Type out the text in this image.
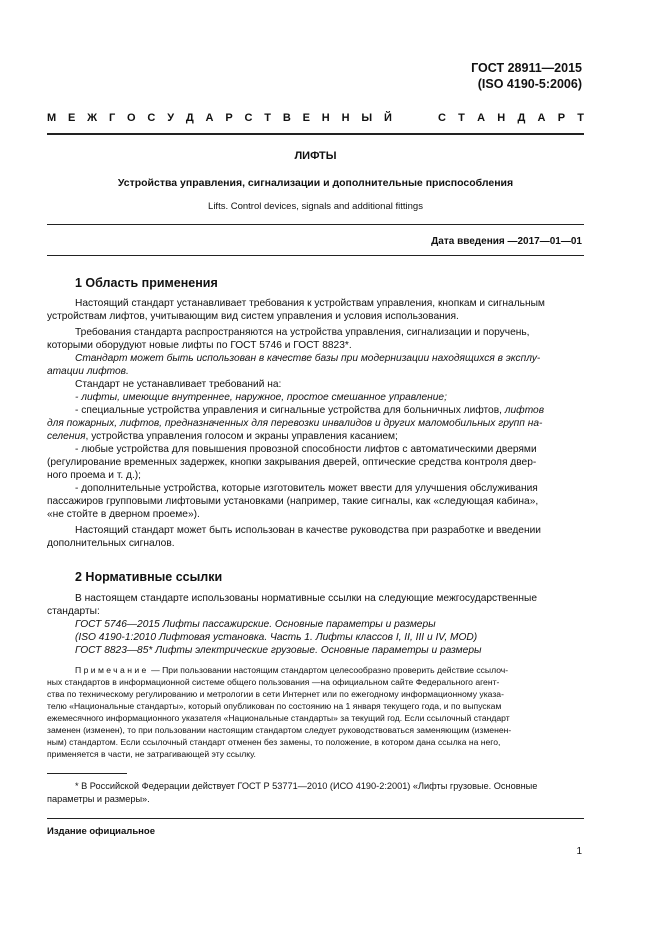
ГОСТ 28911—2015
(ISO 4190-5:2006)
М Е Ж Г О С У Д А Р С Т В Е Н Н Ы Й	С Т А Н Д А Р Т
ЛИФТЫ
Устройства управления, сигнализации и дополнительные приспособления
Lifts. Control devices, signals and additional fittings
Дата введения —2017—01—01
1 Область применения
Настоящий стандарт устанавливает требования к устройствам управления, кнопкам и сигнальным
устройствам лифтов, учитывающим вид систем управления и условия использования.
Требования стандарта распространяются на устройства управления, сигнализации и поручень,
которыми оборудуют новые лифты по ГОСТ 5746 и ГОСТ 8823*.
Стандарт может быть использован в качестве базы при модернизации находящихся в эксплу-
атации лифтов.
Стандарт не устанавливает требований на:
- лифты, имеющие внутреннее, наружное, простое смешанное управление;
- специальные устройства управления и сигнальные устройства для больничных лифтов, лифтов
для пожарных, лифтов, предназначенных для перевозки инвалидов и других маломобильных групп на-
селения, устройства управления голосом и экраны управления касанием;
- любые устройства для повышения провозной способности лифтов с автоматическими дверями
(регулирование временных задержек, кнопки закрывания дверей, оптические средства контроля двер-
ного проема и т. д.);
- дополнительные устройства, которые изготовитель может ввести для улучшения обслуживания
пассажиров групповыми лифтовыми установками (например, такие сигналы, как «следующая кабина»,
«не стойте в дверном проеме»).
Настоящий стандарт может быть использован в качестве руководства при разработке и введении
дополнительных сигналов.
2 Нормативные ссылки
В настоящем стандарте использованы нормативные ссылки на следующие межгосударственные
стандарты:
ГОСТ 5746—2015 Лифты пассажирские. Основные параметры и размеры
(ISO 4190-1:2010 Лифтовая установка. Часть 1. Лифты классов I, II, III и IV, MOD)
ГОСТ 8823—85* Лифты электрические грузовые. Основные параметры и размеры
Примечание — При пользовании настоящим стандартом целесообразно проверить действие ссылоч-
ных стандартов в информационной системе общего пользования —на официальном сайте Федерального агент-
ства по техническому регулированию и метрологии в сети Интернет или по ежегодному информационному указа-
телю «Национальные стандарты», который опубликован по состоянию на 1 января текущего года, и по выпускам
ежемесячного информационного указателя «Национальные стандарты» за текущий год. Если ссылочный стандарт
заменен (изменен), то при пользовании настоящим стандартом следует руководствоваться заменяющим (изменен-
ным) стандартом. Если ссылочный стандарт отменен без замены, то положение, в котором дана ссылка на него,
применяется в части, не затрагивающей эту ссылку.
* В Российской Федерации действует ГОСТ Р 53771—2010 (ИСО 4190-2:2001) «Лифты грузовые. Основные
параметры и размеры».
Издание официальное
1
